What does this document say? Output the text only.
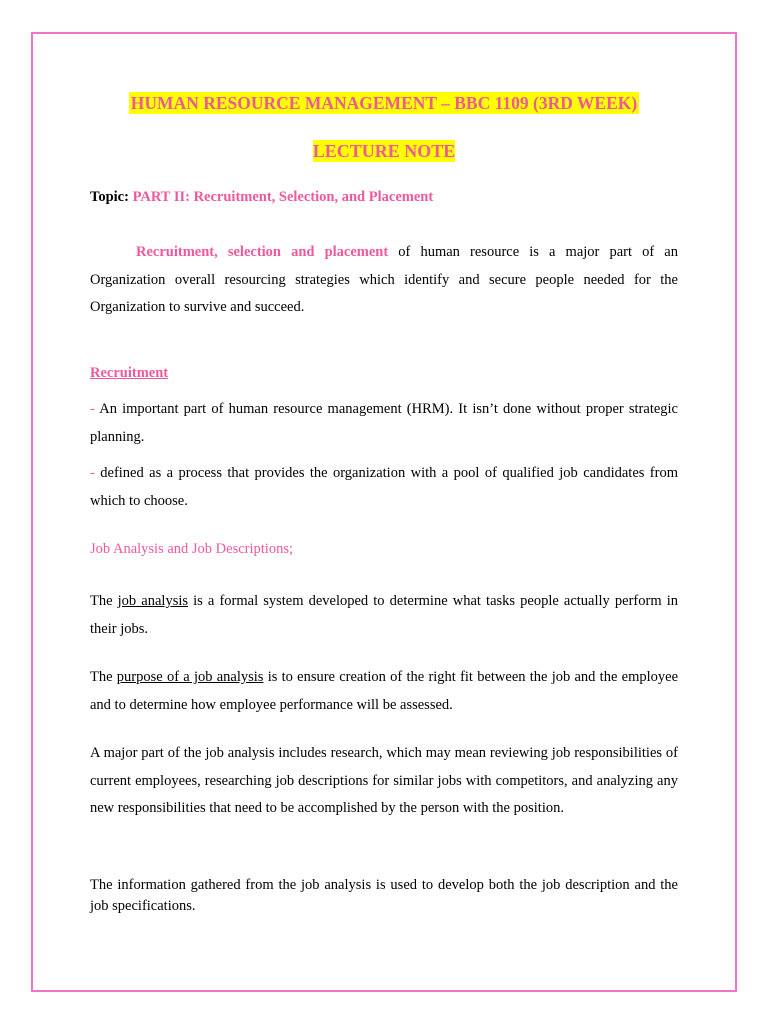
HUMAN RESOURCE MANAGEMENT – BBC 1109 (3RD WEEK)
LECTURE NOTE
Topic: PART II: Recruitment, Selection, and Placement
Recruitment, selection and placement of human resource is a major part of an Organization overall resourcing strategies which identify and secure people needed for the Organization to survive and succeed.
Recruitment
- An important part of human resource management (HRM). It isn’t done without proper strategic planning.
- defined as a process that provides the organization with a pool of qualified job candidates from which to choose.
Job Analysis and Job Descriptions;
The job analysis is a formal system developed to determine what tasks people actually perform in their jobs.
The purpose of a job analysis is to ensure creation of the right fit between the job and the employee and to determine how employee performance will be assessed.
A major part of the job analysis includes research, which may mean reviewing job responsibilities of current employees, researching job descriptions for similar jobs with competitors, and analyzing any new responsibilities that need to be accomplished by the person with the position.
The information gathered from the job analysis is used to develop both the job description and the job specifications.
